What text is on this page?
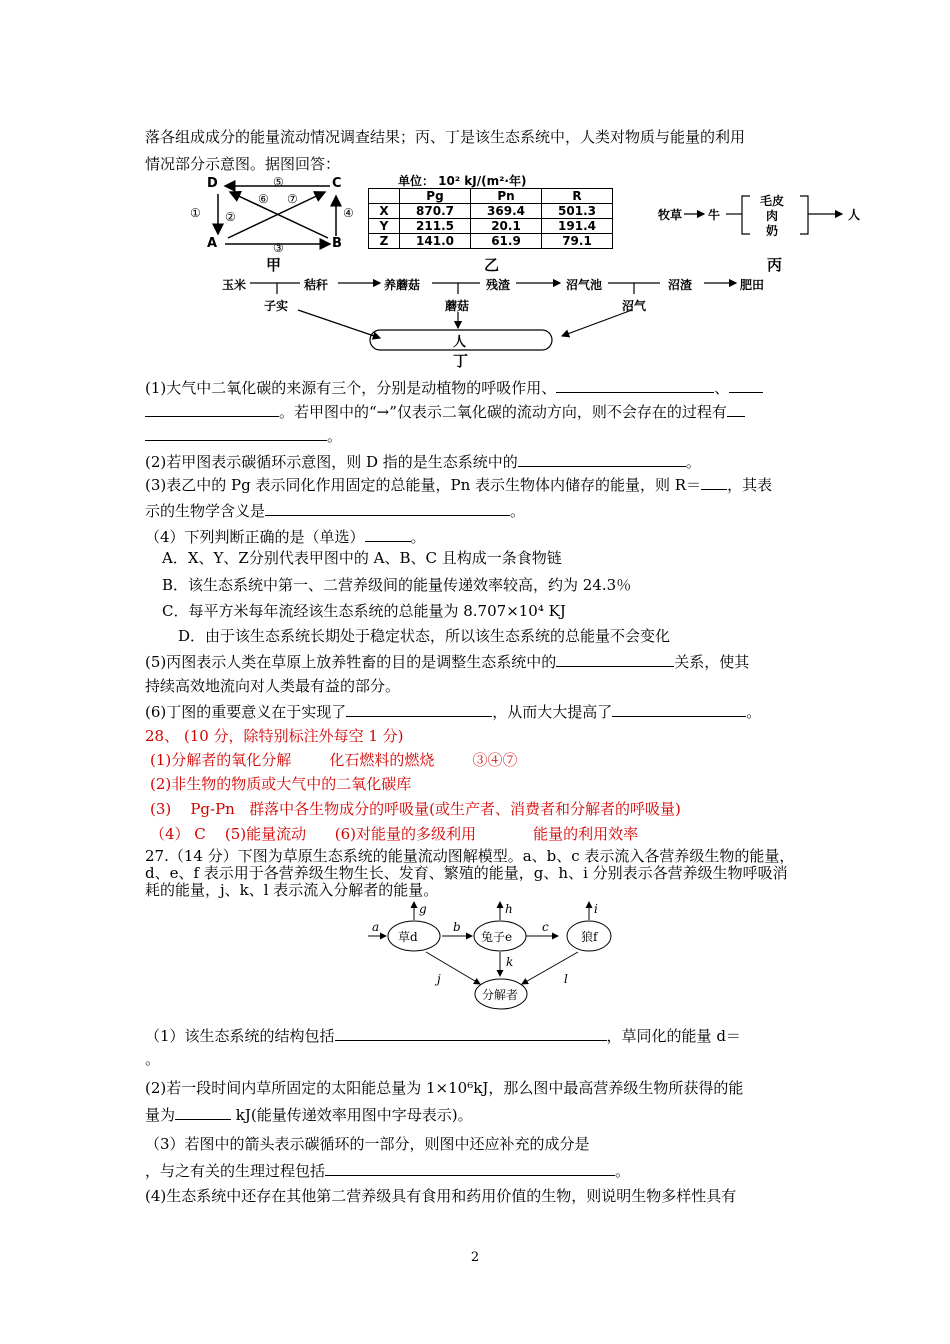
落各组成成分的能量流动情况调查结果；丙、丁是该生态系统中，人类对物质与能量的利用
情况部分示意图。据图回答：
D	C
A	B
⑤
⑥ ⑦
① ②	④
③
甲
单位： 10² kJ/(m²·年)
	Pg	Pn	R
X	870.7	369.4	501.3
Y	211.5	20.1	191.4
Z	141.0	61.9	79.1
乙
牧草 牛
毛皮
肉
奶
人
丙
玉米	秸秆	养蘑菇	残渣	沼气池	沼渣	肥田
子实	蘑菇	沼气
人
丁
(1)大气中二氧化碳的来源有三个，分别是动植物的呼吸作用、	、
。若甲图中的“→”仅表示二氧化碳的流动方向，则不会存在的过程有
。
(2)若甲图表示碳循环示意图，则 D 指的是生态系统中的	。
(3)表乙中的 Pg 表示同化作用固定的总能量，Pn 表示生物体内储存的能量，则 R＝ ，其表
示的生物学含义是	。
（4）下列判断正确的是（单选）	。
A．X、Y、Z分别代表甲图中的 A、B、C 且构成一条食物链
B．该生态系统中第一、二营养级间的能量传递效率较高，约为 24.3％
C．每平方米每年流经该生态系统的总能量为 8.707×10⁴ KJ
D．由于该生态系统长期处于稳定状态，所以该生态系统的总能量不会变化
(5)丙图表示人类在草原上放养牲畜的目的是调整生态系统中的	关系，使其
持续高效地流向对人类最有益的部分。
(6)丁图的重要意义在于实现了	，从而大大提高了	。
28、 (10 分，除特别标注外每空 1 分)
(1)分解者的氧化分解        化石燃料的燃烧        ③④⑦
(2)非生物的物质或大气中的二氧化碳库
(3)    Pg-Pn   群落中各生物成分的呼吸量(或生产者、消费者和分解者的呼吸量)
（4） C    (5)能量流动      (6)对能量的多级利用            能量的利用效率
27.（14 分）下图为草原生态系统的能量流动图解模型。a、b、c 表示流入各营养级生物的能量，
d、e、f 表示用于各营养级生物生长、发育、繁殖的能量，g、h、i 分别表示各营养级生物呼吸消
耗的能量，j、k、l 表示流入分解者的能量。
草d	兔子e	狼f
分解者
a	b	c
g	h	i
j
k
l
（1）该生态系统的结构包括	，草同化的能量 d＝
。
(2)若一段时间内草所固定的太阳能总量为 1×10⁶kJ，那么图中最高营养级生物所获得的能
量为	kJ(能量传递效率用图中字母表示)。
（3）若图中的箭头表示碳循环的一部分，则图中还应补充的成分是
，与之有关的生理过程包括	。
(4)生态系统中还存在其他第二营养级具有食用和药用价值的生物，则说明生物多样性具有
2
